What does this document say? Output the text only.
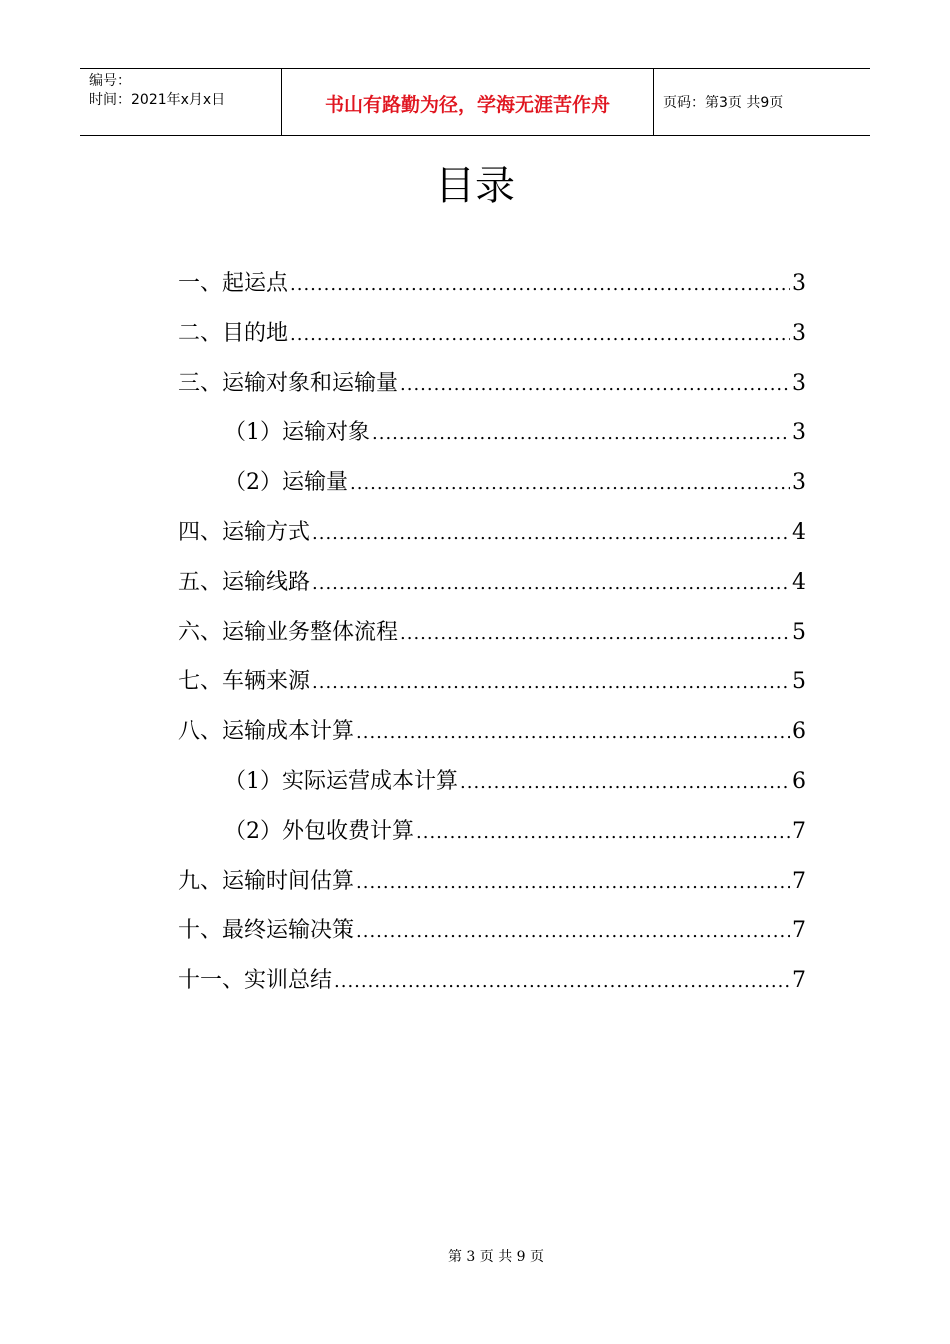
编号：
时间：2021年x月x日	书山有路勤为径，学海无涯苦作舟	页码：第3页 共9页
目录
一、起运点 .....	3
二、目的地 .....	3
三、运输对象和运输量 .....	3
（1）运输对象 .....	3
（2）运输量 .....	3
四、运输方式 .....	4
五、运输线路 .....	4
六、运输业务整体流程 .....	5
七、车辆来源 .....	5
八、运输成本计算 .....	6
（1）实际运营成本计算 .....	6
（2）外包收费计算 .....	7
九、运输时间估算 .....	7
十、最终运输决策 .....	7
十一、实训总结 .....	7
第 3 页 共 9 页
